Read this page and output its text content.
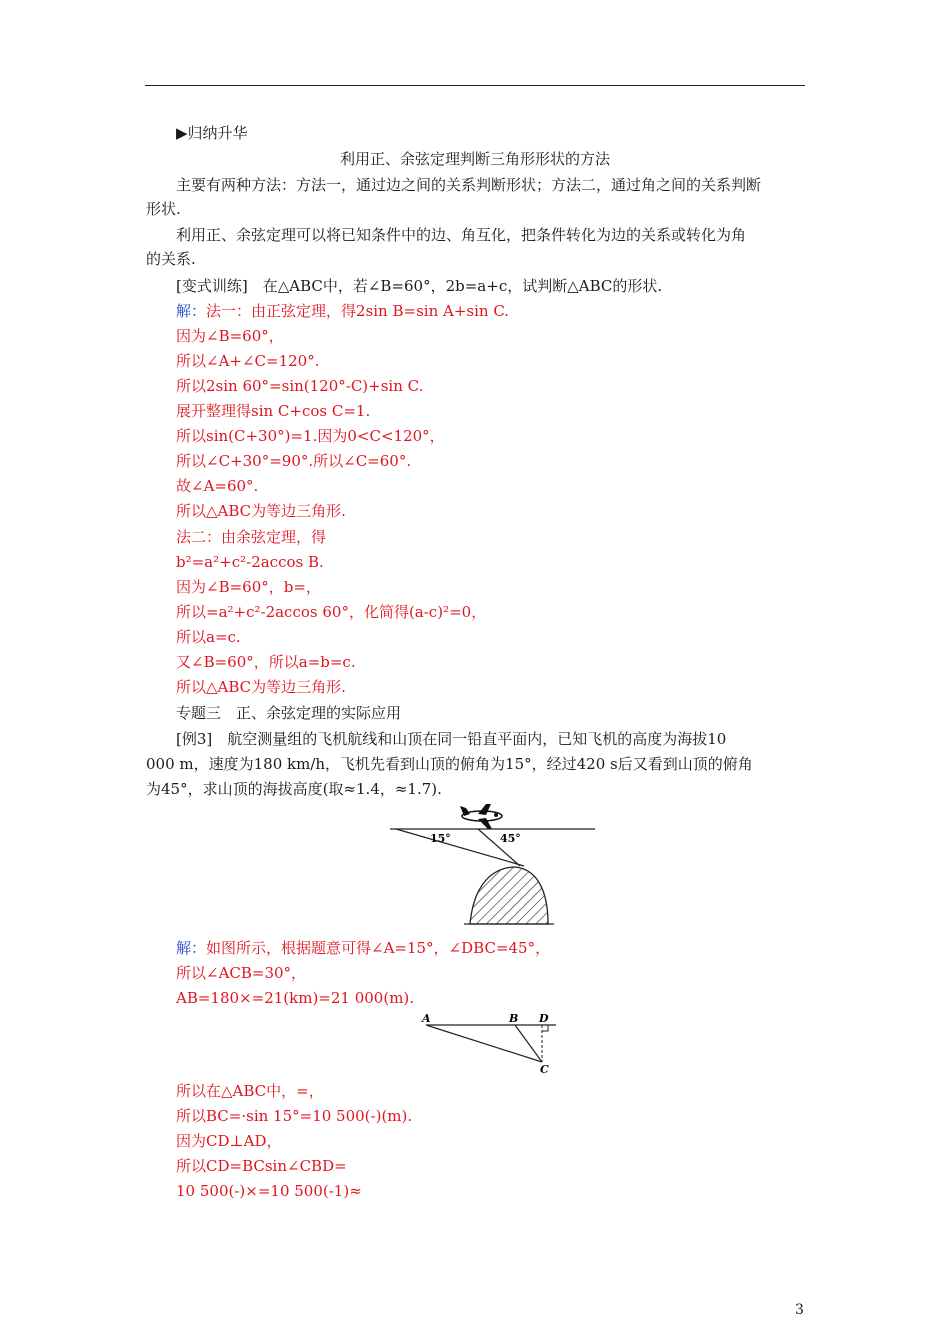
▶归纳升华
利用正、余弦定理判断三角形形状的方法
主要有两种方法：方法一，通过边之间的关系判断形状；方法二，通过角之间的关系判断
形状.
利用正、余弦定理可以将已知条件中的边、角互化，把条件转化为边的关系或转化为角
的关系.
[变式训练]　在△ABC中，若∠B=60°，2b=a+c，试判断△ABC的形状.
解：法一：由正弦定理，得2sin B=sin A+sin C.
因为∠B=60°，
所以∠A+∠C=120°.
所以2sin 60°=sin(120°-C)+sin C.
展开整理得sin C+cos C=1.
所以sin(C+30°)=1.因为0<C<120°，
所以∠C+30°=90°.所以∠C=60°.
故∠A=60°.
所以△ABC为等边三角形.
法二：由余弦定理，得
b²=a²+c²-2accos B.
因为∠B=60°，b=，
所以=a²+c²-2accos 60°，化简得(a-c)²=0，
所以a=c.
又∠B=60°，所以a=b=c.
所以△ABC为等边三角形.
专题三　正、余弦定理的实际应用
[例3]　航空测量组的飞机航线和山顶在同一铅直平面内，已知飞机的高度为海拔10
000 m，速度为180 km/h，飞机先看到山顶的俯角为15°，经过420 s后又看到山顶的俯角
为45°，求山顶的海拔高度(取≈1.4，≈1.7).
15°	45°
解：如图所示，根据题意可得∠A=15°，∠DBC=45°，
所以∠ACB=30°，
AB=180×=21(km)=21 000(m).
A	B D
C
所以在△ABC中，=，
所以BC=·sin 15°=10 500(-)(m).
因为CD⊥AD，
所以CD=BCsin∠CBD=
10 500(-)×=10 500(-1)≈
3
